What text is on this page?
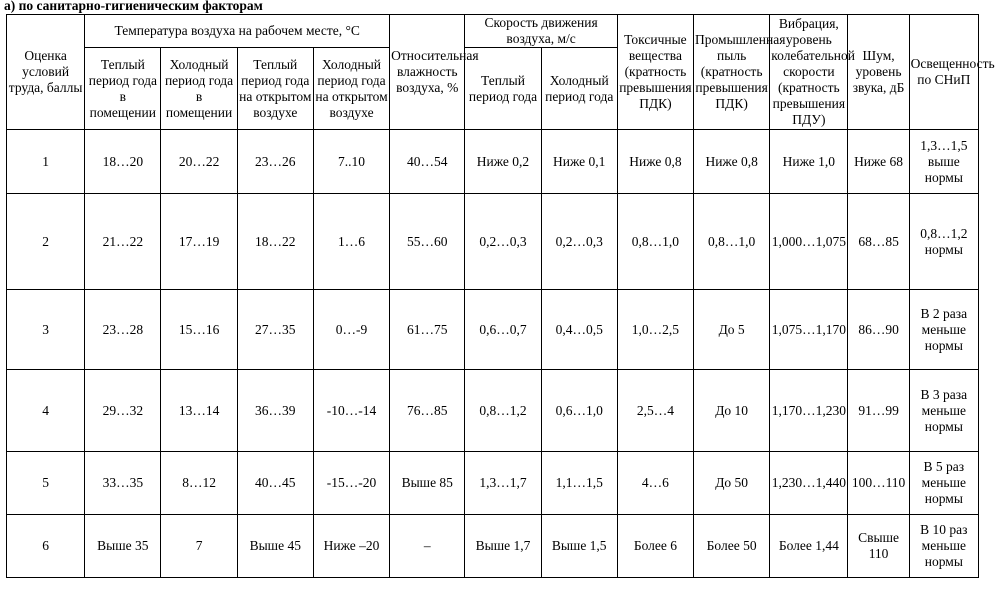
а) по санитарно-гигиеническим факторам
Оценка условий труда, баллы	Температура воздуха на рабочем месте, °С				Относительная влажность воздуха, %	Скорость движения воздуха, м/с		Токсичные вещества (кратность превышения ПДК)	Промышленная пыль (кратность превышения ПДК)	Вибрация, уровень колебательной скорости (кратность превышения ПДУ)	Шум, уровень звука, дБ	Освещенность по СНиП
	Теплый период года в помещении	Холодный период года в помещении	Теплый период года на открытом воздухе	Холодный период года на открытом воздухе		Теплый период года	Холодный период года					
1	18…20	20…22	23…26	7..10	40…54	Ниже 0,2	Ниже 0,1	Ниже 0,8	Ниже 0,8	Ниже 1,0	Ниже 68	1,3…1,5 выше нормы
2	21…22	17…19	18…22	1…6	55…60	0,2…0,3	0,2…0,3	0,8…1,0	0,8…1,0	1,000…1,075	68…85	0,8…1,2 нормы
3	23…28	15…16	27…35	0…-9	61…75	0,6…0,7	0,4…0,5	1,0…2,5	До 5	1,075…1,170	86…90	В 2 раза меньше нормы
4	29…32	13…14	36…39	-10…-14	76…85	0,8…1,2	0,6…1,0	2,5…4	До 10	1,170…1,230	91…99	В 3 раза меньше нормы
5	33…35	8…12	40…45	-15…-20	Выше 85	1,3…1,7	1,1…1,5	4…6	До 50	1,230…1,440	100…110	В 5 раз меньше нормы
6	Выше 35	7	Выше 45	Ниже –20	–	Выше 1,7	Выше 1,5	Более 6	Более 50	Более 1,44	Свыше 110	В 10 раз меньше нормы
